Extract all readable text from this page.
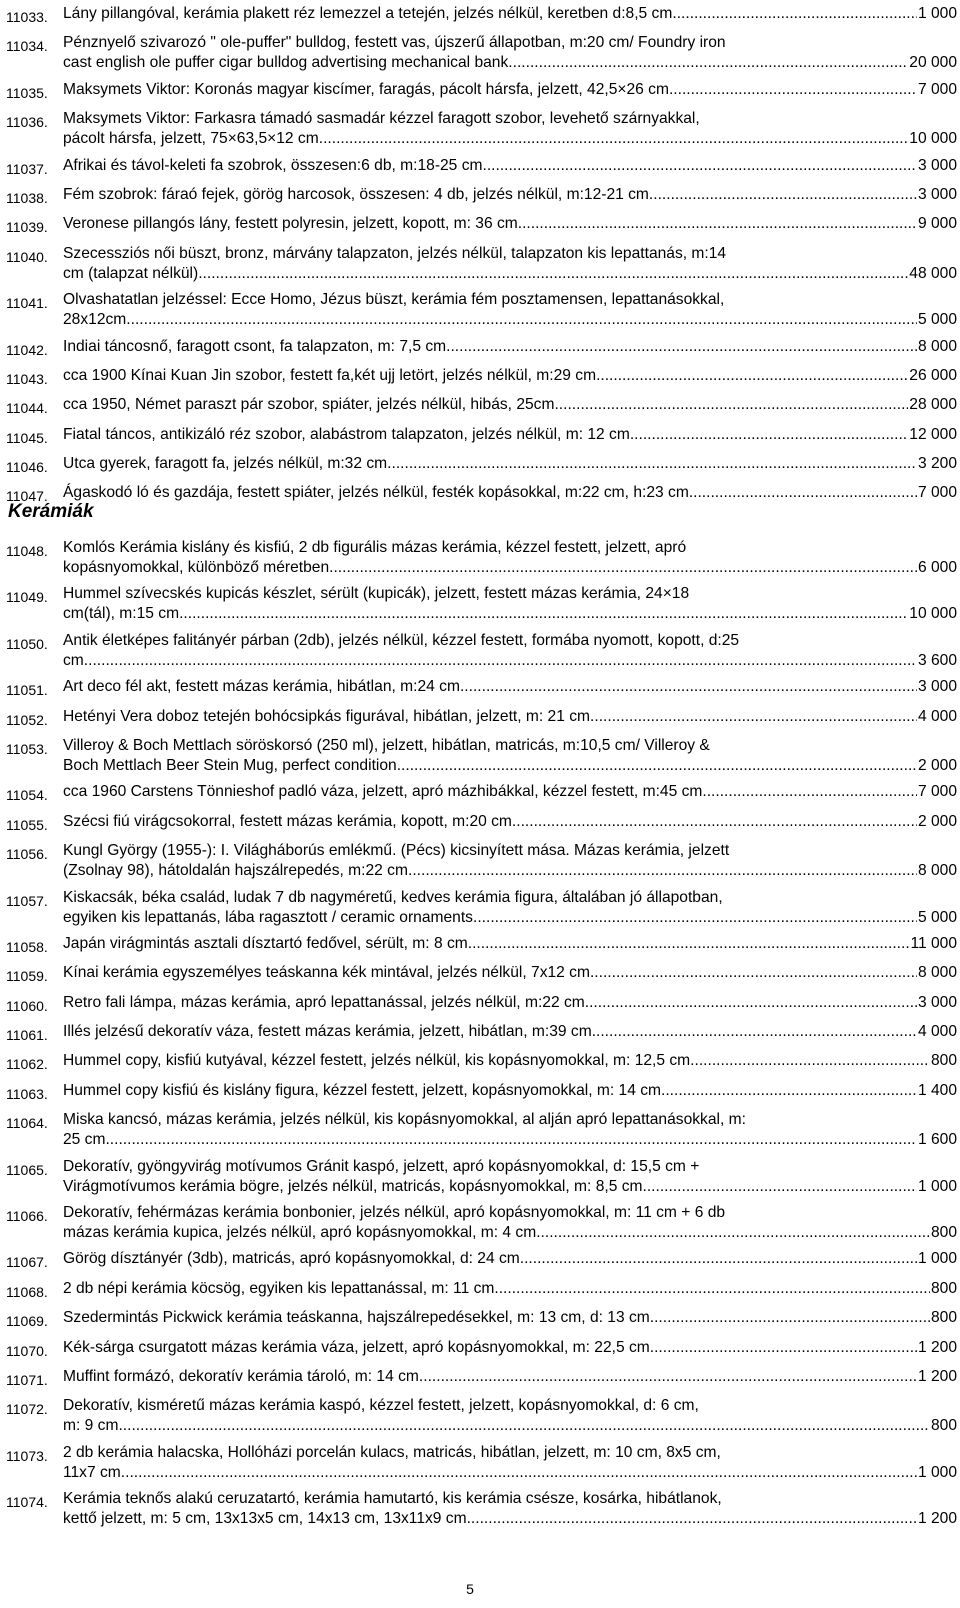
11033. Lány pillangóval, kerámia plakett réz lemezzel a tetején, jelzés nélkül, keretben d:8,5 cm .....	1 000
11034. Pénznyelő szivarozó " ole-puffer" bulldog, festett vas, újszerű állapotban, m:20 cm/ Foundry iron
cast english ole puffer cigar bulldog advertising mechanical bank .....	20 000
11035. Maksymets Viktor: Koronás magyar kiscímer, faragás, pácolt hársfa, jelzett, 42,5×26 cm .....	7 000
11036. Maksymets Viktor: Farkasra támadó sasmadár kézzel faragott szobor, levehető szárnyakkal,
pácolt hársfa, jelzett, 75×63,5×12 cm .....	10 000
11037. Afrikai és távol-keleti fa szobrok, összesen:6 db, m:18-25 cm .....	3 000
11038. Fém szobrok: fáraó fejek, görög harcosok, összesen: 4 db, jelzés nélkül, m:12-21 cm .....	3 000
11039. Veronese pillangós lány, festett polyresin, jelzett, kopott, m: 36 cm .....	9 000
11040. Szecessziós női büszt, bronz, márvány talapzaton, jelzés nélkül, talapzaton kis lepattanás, m:14
cm (talapzat nélkül) .....	48 000
11041. Olvashatatlan jelzéssel: Ecce Homo, Jézus büszt, kerámia fém posztamensen, lepattanásokkal,
28x12cm .....	5 000
11042. Indiai táncosnő, faragott csont, fa talapzaton, m: 7,5 cm .....	8 000
11043. cca 1900 Kínai Kuan Jin szobor, festett fa,két ujj letört, jelzés nélkül, m:29 cm .....	26 000
11044. cca 1950, Német paraszt pár szobor, spiáter, jelzés nélkül, hibás, 25cm .....	28 000
11045. Fiatal táncos, antikizáló réz szobor, alabástrom talapzaton, jelzés nélkül, m: 12 cm .....	12 000
11046. Utca gyerek, faragott fa, jelzés nélkül, m:32 cm .....	3 200
11047. Ágaskodó ló és gazdája, festett spiáter, jelzés nélkül, festék kopásokkal, m:22 cm, h:23 cm .....	7 000
Kerámiák
11048. Komlós Kerámia kislány és kisfiú, 2 db figurális mázas kerámia, kézzel festett, jelzett, apró
kopásnyomokkal, különböző méretben .....	6 000
11049. Hummel szívecskés kupicás készlet, sérült (kupicák), jelzett, festett mázas kerámia, 24×18
cm(tál), m:15 cm .....	10 000
11050. Antik életképes falitányér párban (2db), jelzés nélkül, kézzel festett, formába nyomott, kopott, d:25
cm .....	3 600
11051. Art deco fél akt, festett mázas kerámia, hibátlan, m:24 cm .....	3 000
11052. Hetényi Vera doboz tetején bohócsipkás figurával, hibátlan, jelzett, m: 21 cm .....	4 000
11053. Villeroy & Boch Mettlach söröskorsó (250 ml), jelzett, hibátlan, matricás, m:10,5 cm/ Villeroy &
Boch Mettlach Beer Stein Mug, perfect condition .....	2 000
11054. cca 1960 Carstens Tönnieshof padló váza, jelzett, apró mázhibákkal, kézzel festett, m:45 cm .....	7 000
11055. Szécsi fiú virágcsokorral, festett mázas kerámia, kopott, m:20 cm .....	2 000
11056. Kungl György (1955-): I. Világháborús emlékmű. (Pécs) kicsinyített mása. Mázas kerámia, jelzett
(Zsolnay 98), hátoldalán hajszálrepedés, m:22 cm .....	8 000
11057. Kiskacsák, béka család, ludak 7 db nagyméretű, kedves kerámia figura, általában jó állapotban,
egyiken kis lepattanás, lába ragasztott / ceramic ornaments .....	5 000
11058. Japán virágmintás asztali dísztartó fedővel, sérült, m: 8 cm .....	11 000
11059. Kínai kerámia egyszemélyes teáskanna kék mintával, jelzés nélkül, 7x12 cm .....	8 000
11060. Retro fali lámpa, mázas kerámia, apró lepattanással, jelzés nélkül, m:22 cm .....	3 000
11061. Illés jelzésű dekoratív váza, festett mázas kerámia, jelzett, hibátlan, m:39 cm .....	4 000
11062. Hummel copy, kisfiú kutyával, kézzel festett, jelzés nélkül, kis kopásnyomokkal, m: 12,5 cm .....	800
11063. Hummel copy kisfiú és kislány figura, kézzel festett, jelzett, kopásnyomokkal, m: 14 cm .....	1 400
11064. Miska kancsó, mázas kerámia, jelzés nélkül, kis kopásnyomokkal, al alján apró lepattanásokkal, m:
25 cm .....	1 600
11065. Dekoratív, gyöngyvirág motívumos Gránit kaspó, jelzett, apró kopásnyomokkal, d: 15,5 cm +
Virágmotívumos kerámia bögre, jelzés nélkül, matricás, kopásnyomokkal, m: 8,5 cm .....	1 000
11066. Dekoratív, fehérmázas kerámia bonbonier, jelzés nélkül, apró kopásnyomokkal, m: 11 cm + 6 db
mázas kerámia kupica, jelzés nélkül, apró kopásnyomokkal, m: 4 cm .....	800
11067. Görög dísztányér (3db), matricás, apró kopásnyomokkal, d: 24 cm .....	1 000
11068. 2 db népi kerámia köcsög, egyiken kis lepattanással, m: 11 cm .....	800
11069. Szedermintás Pickwick kerámia teáskanna, hajszálrepedésekkel, m: 13 cm, d: 13 cm .....	800
11070. Kék-sárga csurgatott mázas kerámia váza, jelzett, apró kopásnyomokkal, m: 22,5 cm .....	1 200
11071. Muffint formázó, dekoratív kerámia tároló, m: 14 cm .....	1 200
11072. Dekoratív, kisméretű mázas kerámia kaspó, kézzel festett, jelzett, kopásnyomokkal, d: 6 cm,
m: 9 cm .....	800
11073. 2 db kerámia halacska, Hollóházi porcelán kulacs, matricás, hibátlan, jelzett, m: 10 cm, 8x5 cm,
11x7 cm .....	1 000
11074. Kerámia teknős alakú ceruzatartó, kerámia hamutartó, kis kerámia csésze, kosárka, hibátlanok,
kettő jelzett, m: 5 cm, 13x13x5 cm, 14x13 cm, 13x11x9 cm .....	1 200
5
